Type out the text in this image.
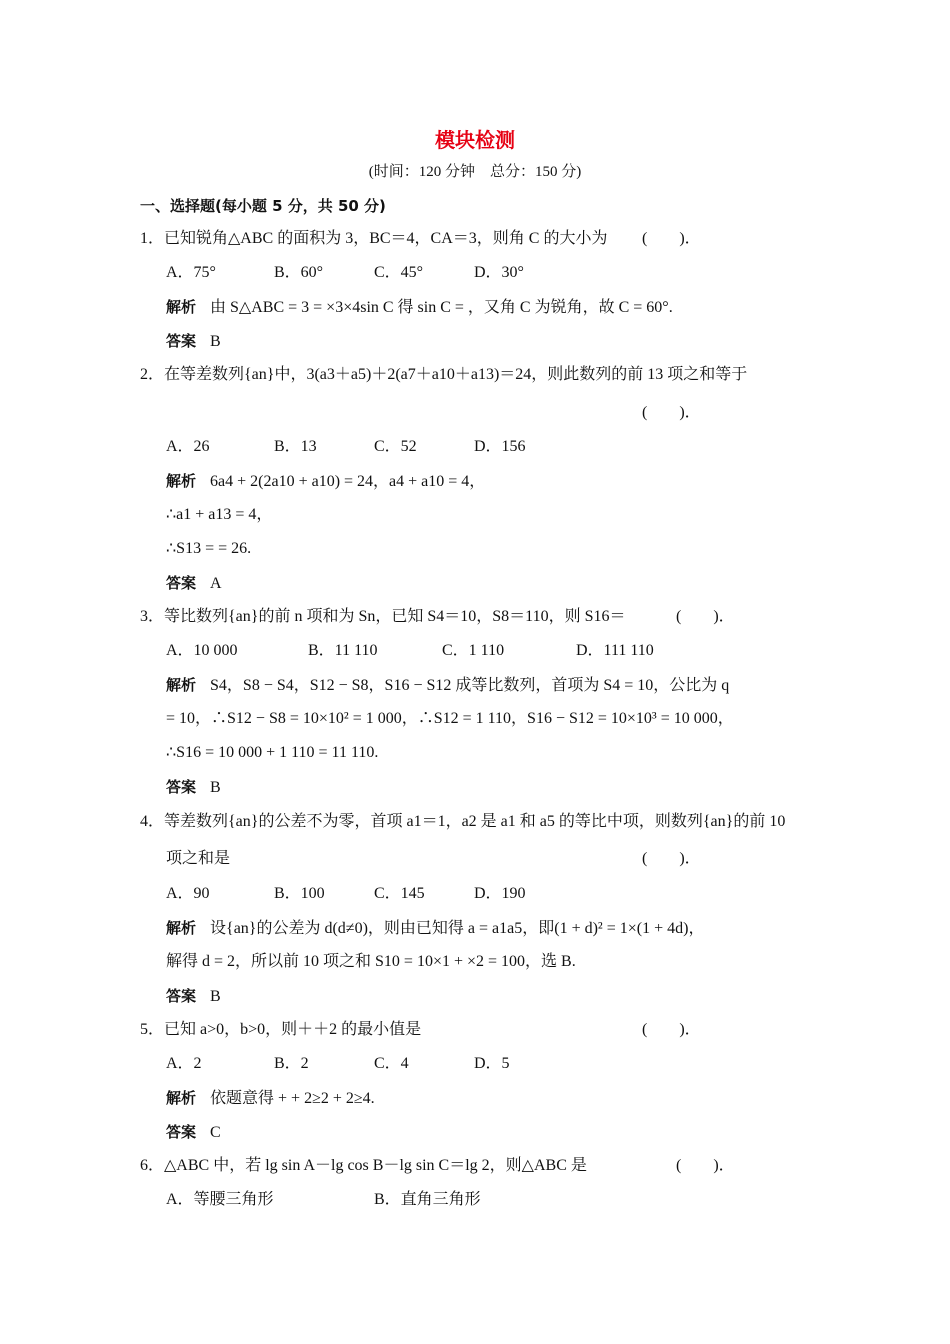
模块检测
(时间：120 分钟　总分：150 分)
一、选择题(每小题 5 分，共 50 分)
1．已知锐角△ABC 的面积为 3，BC＝4，CA＝3，则角 C 的大小为 (　　)．
A．75°	B．60°	C．45°	D．30°
解析 由 S△ABC = 3 = ×3×4sin C 得 sin C = ，又角 C 为锐角，故 C = 60°.
答案 B
2．在等差数列{an}中，3(a3＋a5)＋2(a7＋a10＋a13)＝24，则此数列的前 13 项之和等于
(　　)．
A．26	B．13	C．52	D．156
解析 6a4 + 2(2a10 + a10) = 24，a4 + a10 = 4，
∴a1 + a13 = 4，
∴S13 = = 26.
答案 A
3．等比数列{an}的前 n 项和为 Sn，已知 S4＝10，S8＝110，则 S16＝	(　　)．
A．10 000	B．11 110	C．1 110	D．111 110
解析 S4，S8 − S4，S12 − S8，S16 − S12 成等比数列，首项为 S4 = 10，公比为 q
= 10，∴S12 − S8 = 10×10² = 1 000，∴S12 = 1 110，S16 − S12 = 10×10³ = 10 000，
∴S16 = 10 000 + 1 110 = 11 110.
答案 B
4．等差数列{an}的公差不为零，首项 a1＝1，a2 是 a1 和 a5 的等比中项，则数列{an}的前 10
项之和是	(　　)．
A．90	B．100	C．145	D．190
解析 设{an}的公差为 d(d≠0)，则由已知得 a = a1a5，即(1 + d)² = 1×(1 + 4d)，
解得 d = 2，所以前 10 项之和 S10 = 10×1 + ×2 = 100，选 B.
答案 B
5．已知 a>0，b>0，则＋＋2 的最小值是	(　　)．
A．2	B．2	C．4	D．5
解析 依题意得 + + 2≥2 + 2≥4.
答案 C
6．△ABC 中，若 lg sin A－lg cos B－lg sin C＝lg 2，则△ABC 是	(　　)．
A．等腰三角形	B．直角三角形
